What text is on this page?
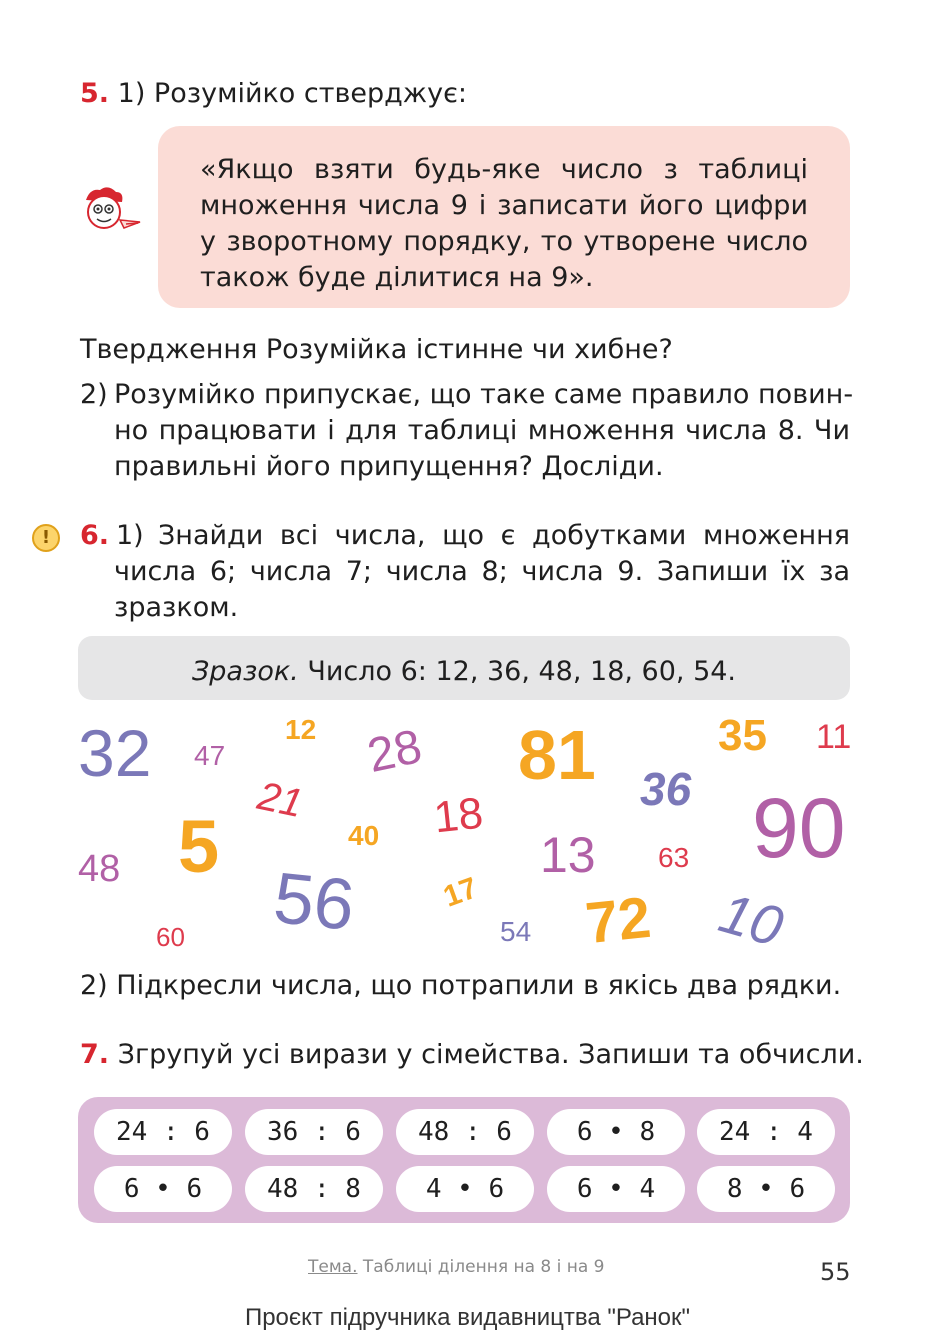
5. 1) Розумійко стверджує:
«Якщо взяти будь-яке число з таблиці
множення числа 9 і записати його цифри
у зворотному порядку, то утворене число
також буде ділитися на 9».
Твердження Розумійка істинне чи хибне?
2) Розумійко припускає, що таке саме правило повин-
но працювати і для таблиці множення числа 8. Чи
правильні його припущення? Досліди.
!	6. 1) Знайди всі числа, що є добутками множення
числа 6; числа 7; числа 8; числа 9. Запиши їх за
зразком.
Зразок. Число 6: 12, 36, 48, 18, 60, 54.
32 47
12 28 81	35 11
21	36
5	40 18	90
48	13 63
56	17
54 72 10
60
2) Підкресли числа, що потрапили в якісь два рядки.
7. Згрупуй усі вирази у сімейства. Запиши та обчисли.
24 : 6	36 : 6	48 : 6	6 • 8	24 : 4
6 • 6	48 : 8	4 • 6	6 • 4	8 • 6
Тема. Таблиці ділення на 8 і на 9	55
Проєкт підручника видавництва "Ранок"
